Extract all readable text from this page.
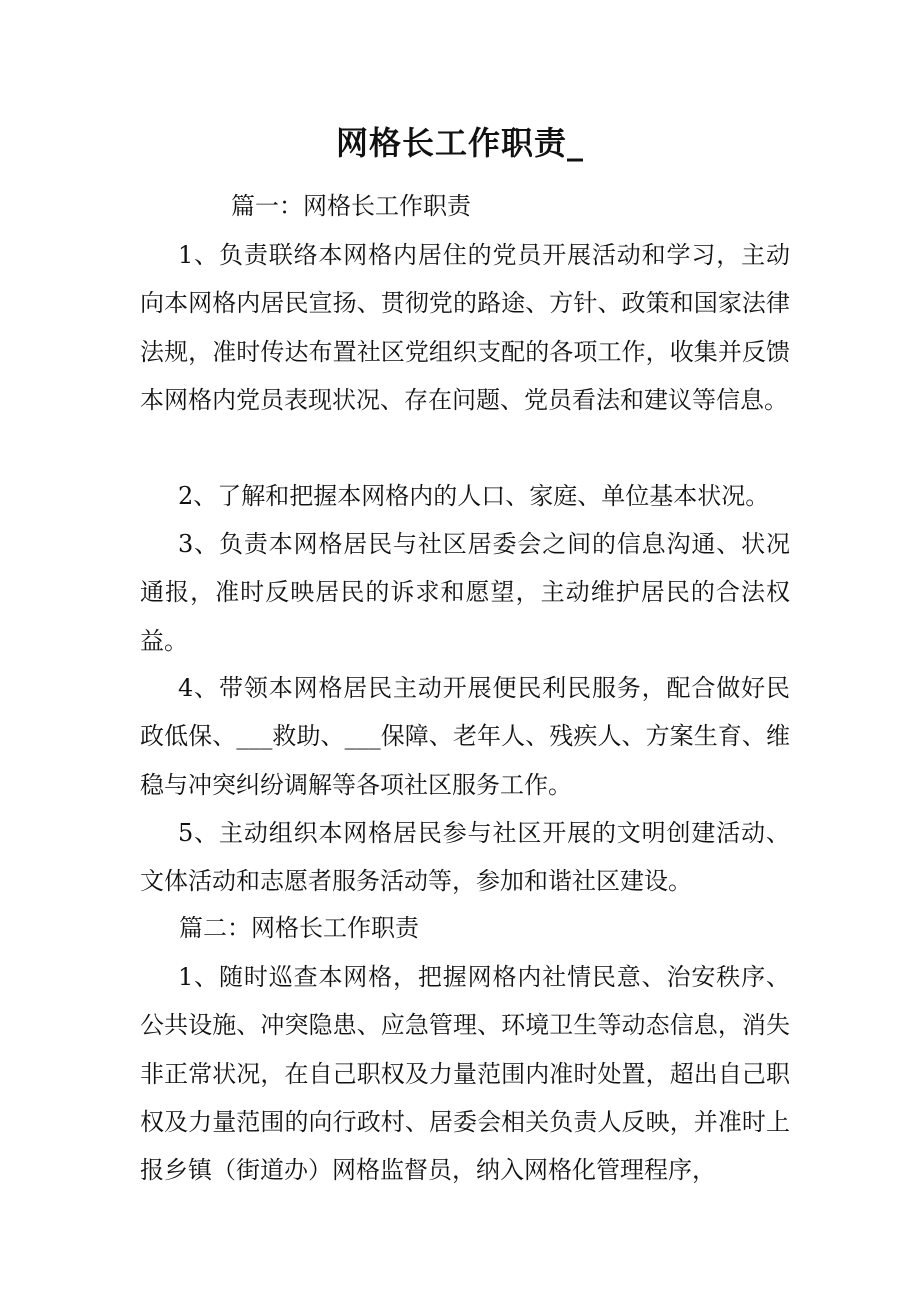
网格长工作职责_
篇一：网格长工作职责

1、负责联络本网格内居住的党员开展活动和学习，主动向本网格内居民宣扬、贯彻党的路途、方针、政策和国家法律法规，准时传达布置社区党组织支配的各项工作，收集并反馈本网格内党员表现状况、存在问题、党员看法和建议等信息。

2、了解和把握本网格内的人口、家庭、单位基本状况。

3、负责本网格居民与社区居委会之间的信息沟通、状况通报，准时反映居民的诉求和愿望，主动维护居民的合法权益。

4、带领本网格居民主动开展便民利民服务，配合做好民政低保、___救助、___保障、老年人、残疾人、方案生育、维稳与冲突纠纷调解等各项社区服务工作。

5、主动组织本网格居民参与社区开展的文明创建活动、文体活动和志愿者服务活动等，参加和谐社区建设。

篇二：网格长工作职责

1、随时巡查本网格，把握网格内社情民意、治安秩序、公共设施、冲突隐患、应急管理、环境卫生等动态信息，消失非正常状况，在自己职权及力量范围内准时处置，超出自己职权及力量范围的向行政村、居委会相关负责人反映，并准时上报乡镇（街道办）网格监督员，纳入网格化管理程序，
